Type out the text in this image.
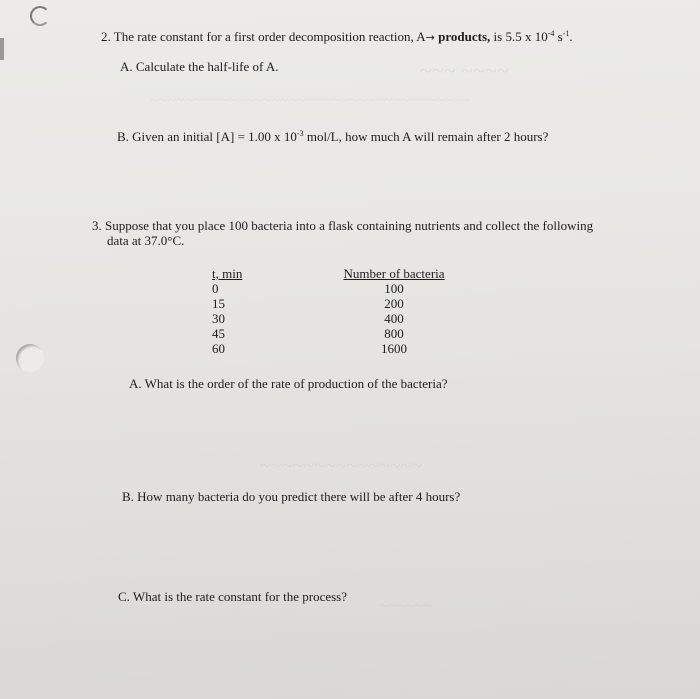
~~~ ~~~~
~~~~~~~~~~~~~~~~~~~~~~~~~~~~~~~~~~~~~
~~~~~~~~~~~~~~~
~~~~~~
2. The rate constant for a first order decomposition reaction, A→ products, is 5.5 x $10^{-4}$ $s^{-1}$.
A. Calculate the half-life of A.
B. Given an initial [A] = 1.00 x $10^{-3}$ mol/L, how much A will remain after 2 hours?
3. Suppose that you place 100 bacteria into a flask containing nutrients and collect the following
data at 37.0°C.
t, min
0
15
30
45
60
Number of bacteria
100
200
400
800
1600
A. What is the order of the rate of production of the bacteria?
B. How many bacteria do you predict there will be after 4 hours?
C. What is the rate constant for the process?
